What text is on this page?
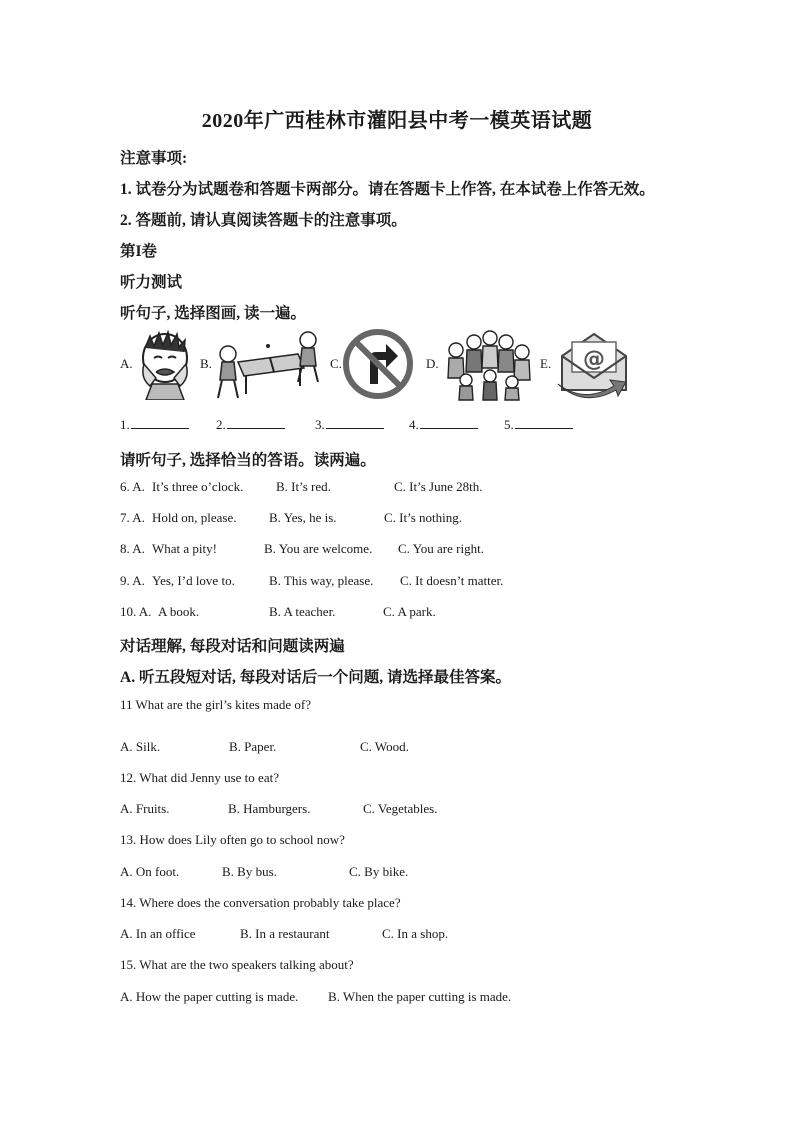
2020年广西桂林市灌阳县中考一模英语试题
注意事项:
1. 试卷分为试题卷和答题卡两部分。请在答题卡上作答, 在本试卷上作答无效。
2. 答题前, 请认真阅读答题卡的注意事项。
第I卷
听力测试
听句子, 选择图画, 读一遍。
A.	B.	C.	D.	E. @
1.	2.	3.	4.	5.
请听句子, 选择恰当的答语。读两遍。
6. A. It’s three o’clock.	B. It’s red.	C. It’s June 28th.
7. A. Hold on, please.	B. Yes, he is.	C. It’s nothing.
8. A. What a pity!	B. You are welcome. C. You are right.
9. A. Yes, I’d love to.	B. This way, please. C. It doesn’t matter.
10. A. A book.	B. A teacher.	C. A park.
对话理解, 每段对话和问题读两遍
A. 听五段短对话, 每段对话后一个问题, 请选择最佳答案。
11 What are the girl’s kites made of?
A. Silk.	B. Paper.	C. Wood.
12. What did Jenny use to eat?
A. Fruits.	B. Hamburgers.	C. Vegetables.
13. How does Lily often go to school now?
A. On foot.	B. By bus.	C. By bike.
14. Where does the conversation probably take place?
A. In an office	B. In a restaurant	C. In a shop.
15. What are the two speakers talking about?
A. How the paper cutting is made. B. When the paper cutting is made.
